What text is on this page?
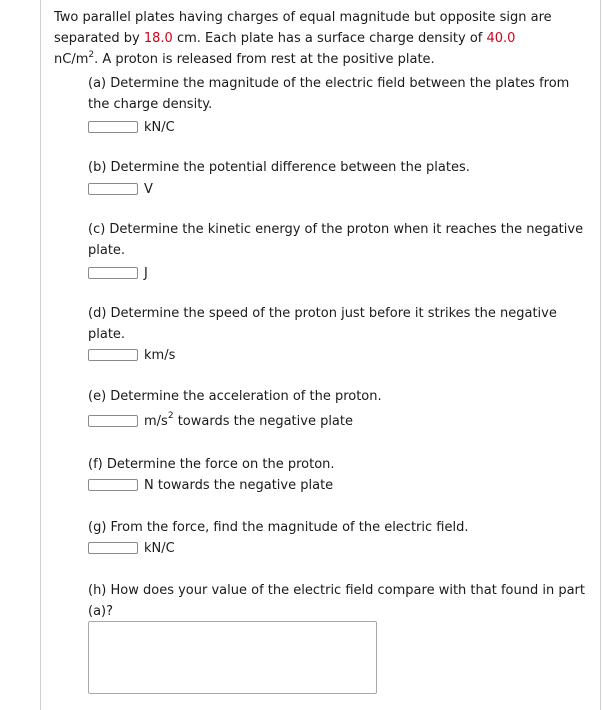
Two parallel plates having charges of equal magnitude but opposite sign are separated by 18.0 cm. Each plate has a surface charge density of 40.0
$nC/m^2$. A proton is released from rest at the positive plate.
(a) Determine the magnitude of the electric field between the plates from the charge density.
kN/C
(b) Determine the potential difference between the plates.
V
(c) Determine the kinetic energy of the proton when it reaches the negative plate.
J
(d) Determine the speed of the proton just before it strikes the negative plate.
km/s
(e) Determine the acceleration of the proton.
$m/s^2$ towards the negative plate
(f) Determine the force on the proton.
N towards the negative plate
(g) From the force, find the magnitude of the electric field.
kN/C
(h) How does your value of the electric field compare with that found in part (a)?
